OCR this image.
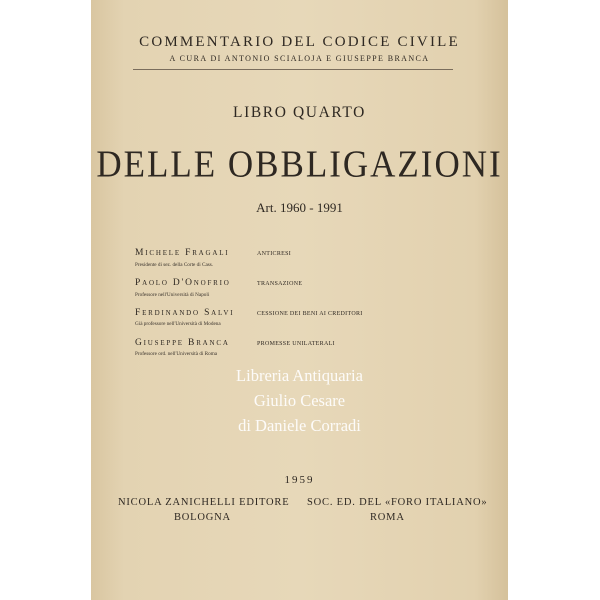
COMMENTARIO DEL CODICE CIVILE
A CURA DI ANTONIO SCIALOJA E GIUSEPPE BRANCA
LIBRO QUARTO
DELLE OBBLIGAZIONI
Art. 1960 - 1991
Michele Fragali
Presidente di sez. della Corte di Cass.
ANTICRESI
Paolo D'Onofrio
Professore nell'Università di Napoli
TRANSAZIONE
Ferdinando Salvi
Già professore nell'Università di Modena
CESSIONE DEI BENI AI CREDITORI
Giuseppe Branca
Professore ord. nell'Università di Roma
PROMESSE UNILATERALI
Libreria Antiquaria
Giulio Cesare
di Daniele Corradi
1959
NICOLA ZANICHELLI EDITORE
BOLOGNA
SOC. ED. DEL «FORO ITALIANO»
ROMA
